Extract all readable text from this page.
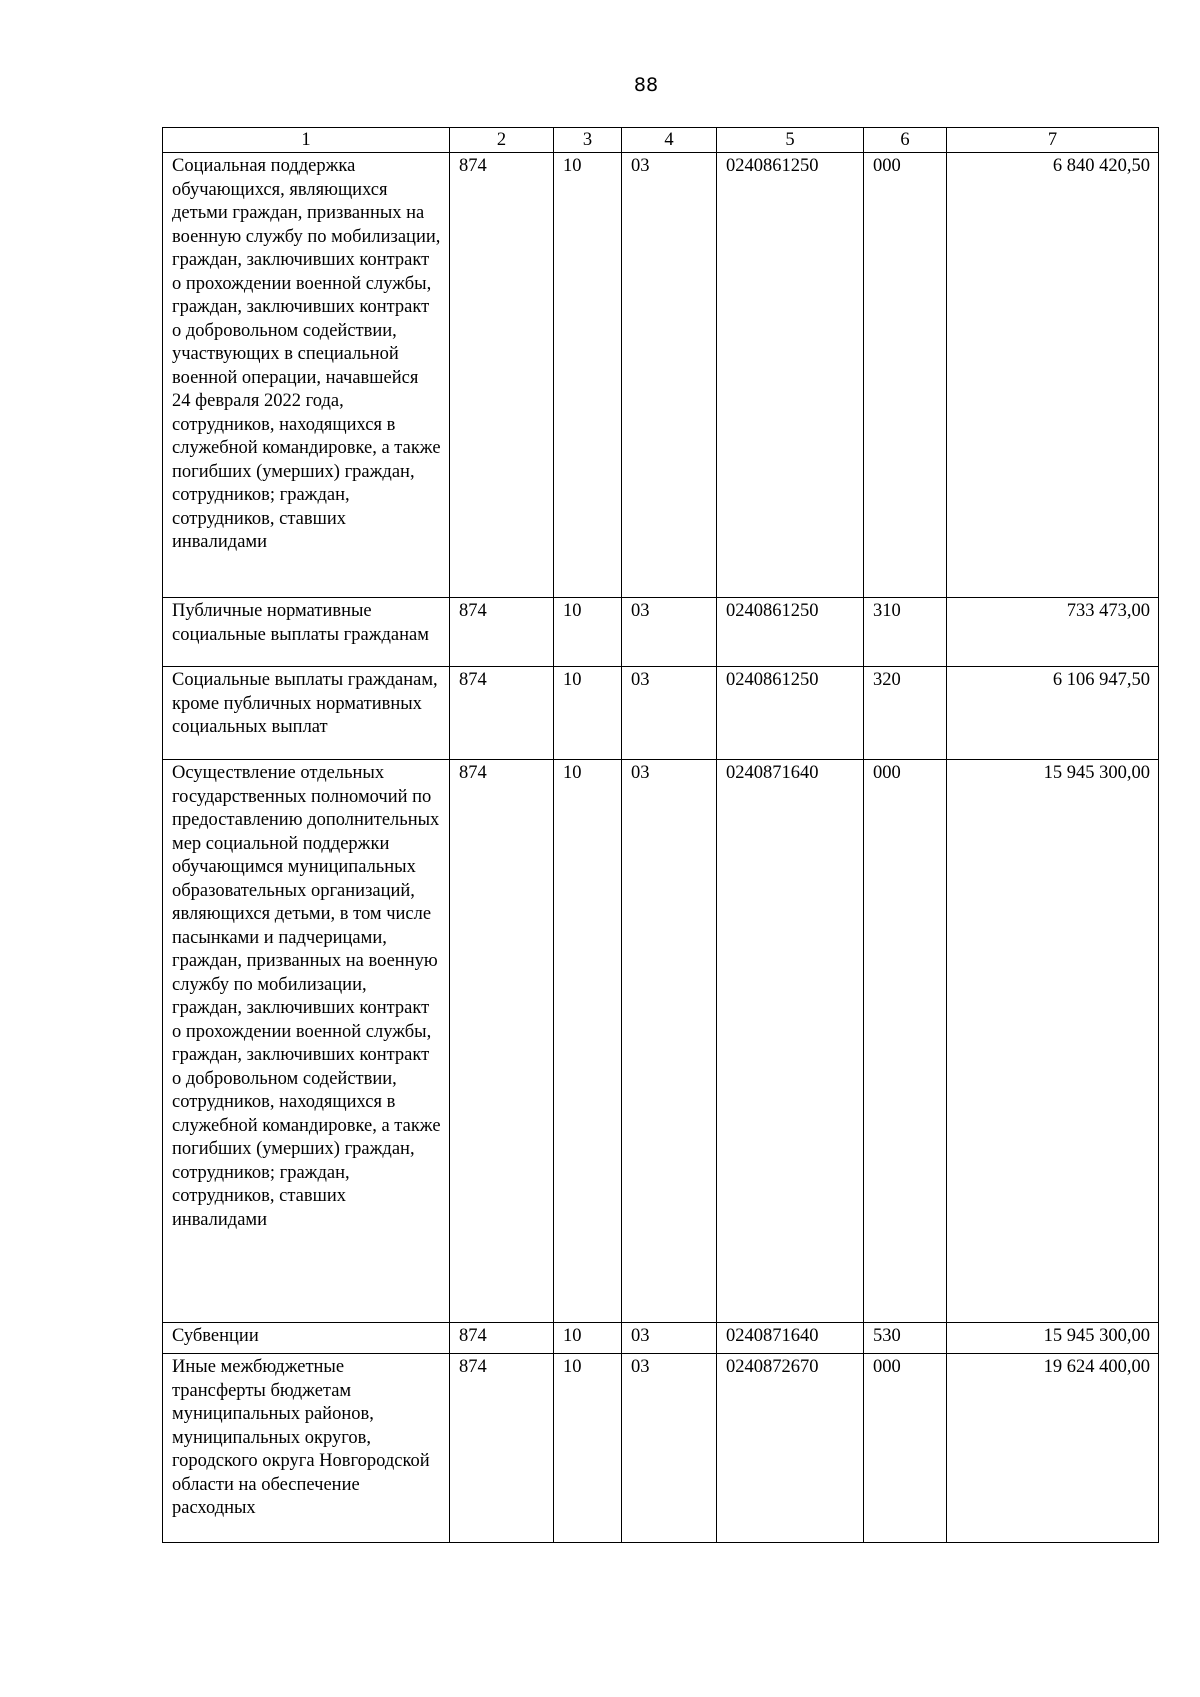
88
1	2	3	4	5	6	7
Социальная поддержка обучающихся, являющихся детьми граждан, призванных на военную службу по мобилизации, граждан, заключивших контракт о прохождении военной службы, граждан, заключивших контракт о добровольном содействии, участвующих в специальной военной операции, начавшейся 24 февраля 2022 года, сотрудников, находящихся в служебной командировке, а также погибших (умерших) граждан, сотрудников; граждан, сотрудников, ставших инвалидами	874	10	03	0240861250	000	6 840 420,50
Публичные нормативные социальные выплаты гражданам	874	10	03	0240861250	310	733 473,00
Социальные выплаты гражданам, кроме публичных нормативных социальных выплат	874	10	03	0240861250	320	6 106 947,50
Осуществление отдельных государственных полномочий по предоставлению дополнительных мер социальной поддержки обучающимся муниципальных образовательных организаций, являющихся детьми, в том числе пасынками и падчерицами, граждан, призванных на военную службу по мобилизации, граждан, заключивших контракт о прохождении военной службы, граждан, заключивших контракт о добровольном содействии, сотрудников, находящихся в служебной командировке, а также погибших (умерших) граждан, сотрудников; граждан, сотрудников, ставших инвалидами	874	10	03	0240871640	000	15 945 300,00
Субвенции	874	10	03	0240871640	530	15 945 300,00
Иные межбюджетные трансферты бюджетам муниципальных районов, муниципальных округов, городского округа Новгородской области на обеспечение расходных	874	10	03	0240872670	000	19 624 400,00
